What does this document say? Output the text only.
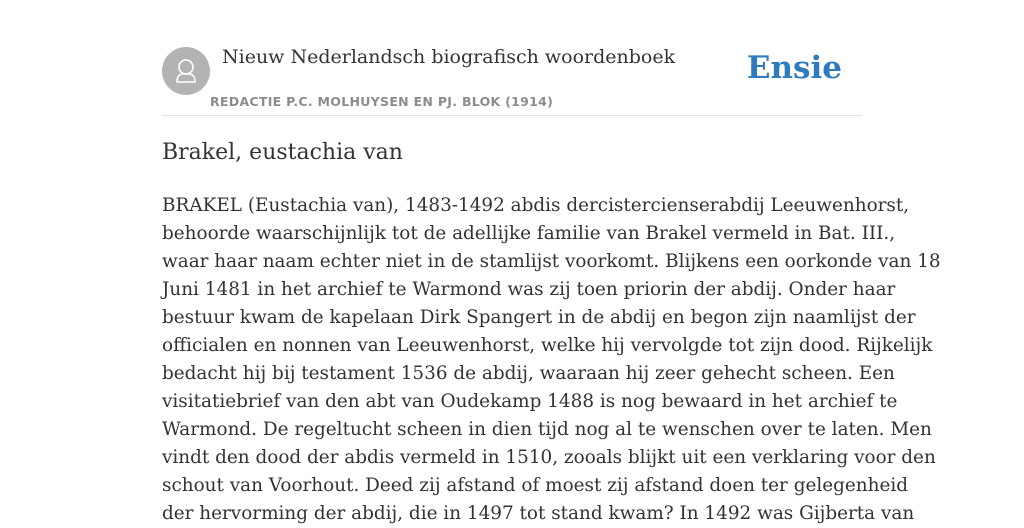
Nieuw Nederlandsch biografisch woordenboek
REDACTIE P.C. MOLHUYSEN EN PJ. BLOK (1914)
Ensie
Brakel, eustachia van

BRAKEL (Eustachia van), 1483-1492 abdis dercistercienserabdij Leeuwenhorst,
behoorde waarschijnlijk tot de adellijke familie van Brakel vermeld in Bat. III.,
waar haar naam echter niet in de stamlijst voorkomt. Blijkens een oorkonde van 18
Juni 1481 in het archief te Warmond was zij toen priorin der abdij. Onder haar
bestuur kwam de kapelaan Dirk Spangert in de abdij en begon zijn naamlijst der
officialen en nonnen van Leeuwenhorst, welke hij vervolgde tot zijn dood. Rijkelijk
bedacht hij bij testament 1536 de abdij, waaraan hij zeer gehecht scheen. Een
visitatiebrief van den abt van Oudekamp 1488 is nog bewaard in het archief te
Warmond. De regeltucht scheen in dien tijd nog al te wenschen over te laten. Men
vindt den dood der abdis vermeld in 1510, zooals blijkt uit een verklaring voor den
schout van Voorhout. Deed zij afstand of moest zij afstand doen ter gelegenheid
der hervorming der abdij, die in 1497 tot stand kwam? In 1492 was Gijberta van
